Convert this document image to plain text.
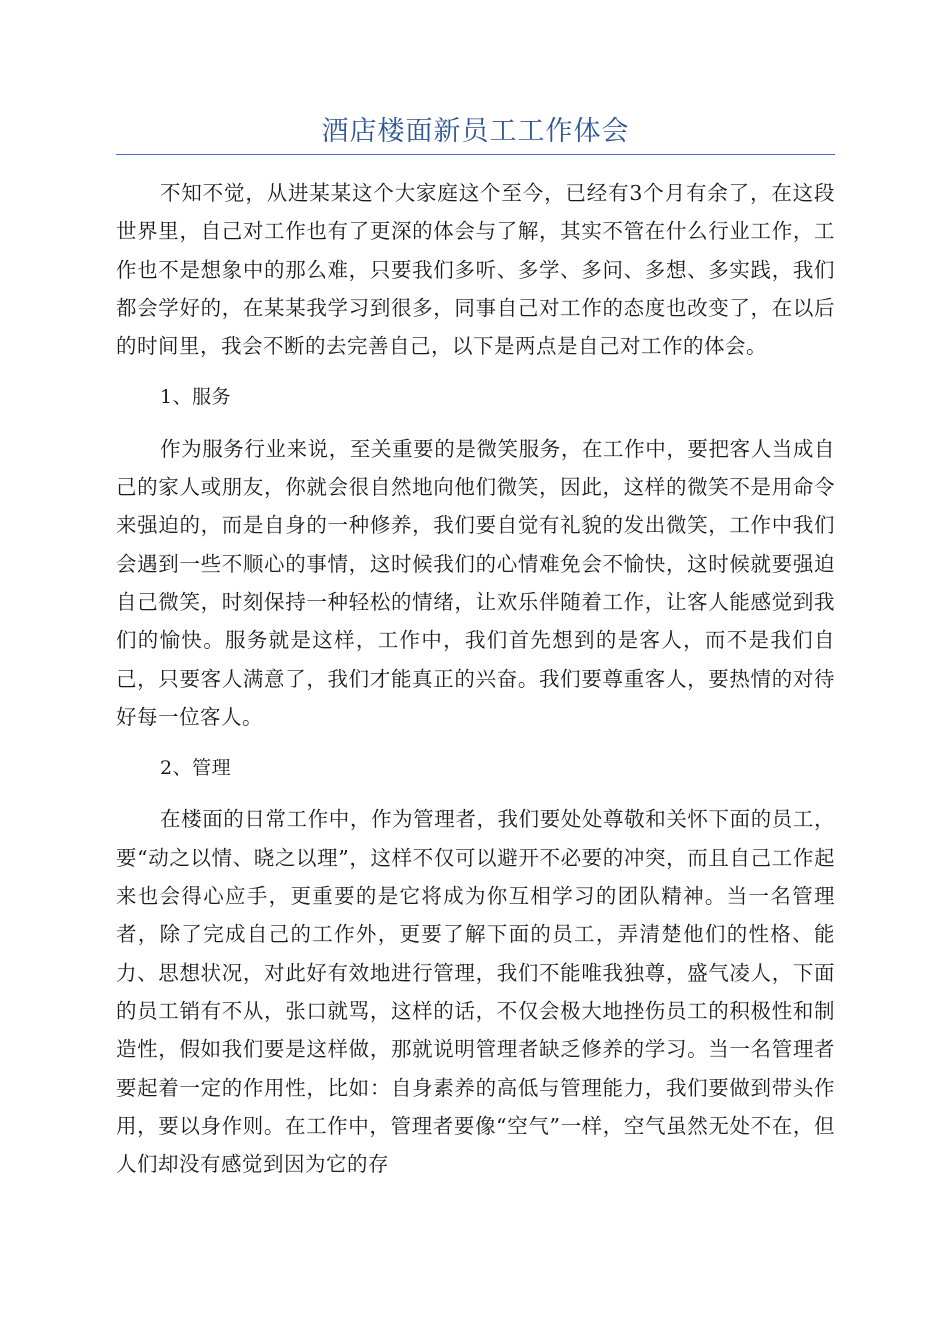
酒店楼面新员工工作体会

不知不觉，从进某某这个大家庭这个至今，已经有3个月有余了，在这段世界里，自己对工作也有了更深的体会与了解，其实不管在什么行业工作，工作也不是想象中的那么难，只要我们多听、多学、多问、多想、多实践，我们都会学好的，在某某我学习到很多，同事自己对工作的态度也改变了，在以后的时间里，我会不断的去完善自己，以下是两点是自己对工作的体会。

1、服务

作为服务行业来说，至关重要的是微笑服务，在工作中，要把客人当成自己的家人或朋友，你就会很自然地向他们微笑，因此，这样的微笑不是用命令来强迫的，而是自身的一种修养，我们要自觉有礼貌的发出微笑，工作中我们会遇到一些不顺心的事情，这时候我们的心情难免会不愉快，这时候就要强迫自己微笑，时刻保持一种轻松的情绪，让欢乐伴随着工作，让客人能感觉到我们的愉快。服务就是这样，工作中，我们首先想到的是客人，而不是我们自己，只要客人满意了，我们才能真正的兴奋。我们要尊重客人，要热情的对待好每一位客人。

2、管理

在楼面的日常工作中，作为管理者，我们要处处尊敬和关怀下面的员工，要“动之以情、晓之以理”，这样不仅可以避开不必要的冲突，而且自己工作起来也会得心应手，更重要的是它将成为你互相学习的团队精神。当一名管理者，除了完成自己的工作外，更要了解下面的员工，弄清楚他们的性格、能力、思想状况，对此好有效地进行管理，我们不能唯我独尊，盛气凌人，下面的员工销有不从，张口就骂，这样的话，不仅会极大地挫伤员工的积极性和制造性，假如我们要是这样做，那就说明管理者缺乏修养的学习。当一名管理者要起着一定的作用性，比如：自身素养的高低与管理能力，我们要做到带头作用，要以身作则。在工作中，管理者要像“空气”一样，空气虽然无处不在，但人们却没有感觉到因为它的存
